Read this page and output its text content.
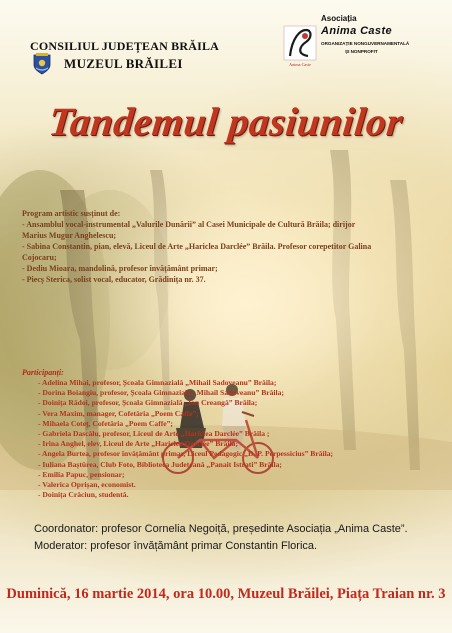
CONSILIUL JUDEȚEAN BRĂILA
MUZEUL BRĂILEI	Anima Caste
Asociația
Anima Caste
ORGANIZAȚIE NONGUVERNAMENTALĂ
ȘI NONPROFIT
Tandemul pasiunilor
Program artistic susținut de:
- Ansamblul vocal-instrumental „Valurile Dunării” al Casei Municipale de Cultură Brăila; dirijor
Marius Mugur Anghelescu;
- Sabina Constantin, pian, elevă, Liceul de Arte „Hariclea Darclée” Brăila. Profesor corepetitor Galina
Cojocaru;
- Dediu Mioara, mandolină, profesor învățământ primar;
- Piecș Sterica, solist vocal, educator, Grădinița nr. 37.
Participanți:
- Adelina Mihai, profesor, Școala Gimnazială „Mihail Sadoveanu” Brăila;
- Dorina Boiangiu, profesor, Școala Gimnazială „Mihail Sadoveanu” Brăila;
- Doinița Rădoi, profesor, Școala Gimnazială „Ion Creangă” Brăila;
- Vera Maxim, manager, Cofetăria „Poem Caffe”;
- Mihaela Coteț, Cofetăria „Poem Caffe”;
- Gabriela Dascălu, profesor, Liceul de Arte „Hariclea Darclée” Brăila ;
- Irina Anghel, elev, Liceul de Arte „Hariclea Darclée” Brăila;
- Angela Burtea, profesor învățământ primar, Liceul Pedagogic „D. P. Perpessicius” Brăila;
- Iuliana Baștûrea, Club Foto, Biblioteca Județeană „Panait Istrati” Brăila;
- Emilia Papuc, pensionar;
- Valerica Oprișan, economist.
- Doinița Crăciun, studentă.
Coordonator: profesor Cornelia Negoiță, președinte Asociația „Anima Caste”.
Moderator: profesor învățământ primar Constantin Florica.
Duminică, 16 martie 2014, ora 10.00, Muzeul Brăilei, Piața Traian nr. 3
